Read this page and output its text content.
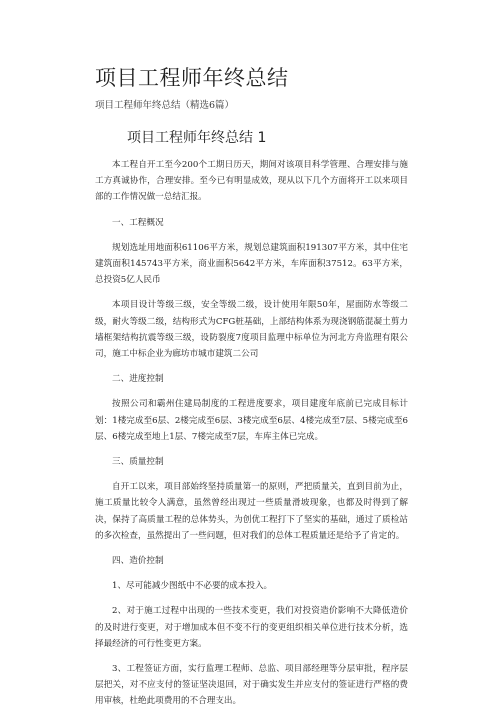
项目工程师年终总结
项目工程师年终总结（精选6篇）
项目工程师年终总结 1

本工程自开工至今200个工期日历天，期间对该项目科学管理、合理安排与施工方真诚协作，合理安排。至今已有明显成效，现从以下几个方面将开工以来项目部的工作情况做一总结汇报。

一、工程概况

规划选址用地面积61106平方米，规划总建筑面积191307平方米，其中住宅建筑面积145743平方米，商业面积5642平方米，车库面积37512。63平方米，总投资5亿人民币

本项目设计等级三级，安全等级二级，设计使用年限50年，屋面防水等级二级，耐火等级二级，结构形式为CFG桩基础，上部结构体系为现浇钢筋混凝土剪力墙框架结构抗震等级三级，设防裂度7度项目监理中标单位为河北方舟监理有限公司，施工中标企业为廊坊市城市建筑二公司

二、进度控制

按照公司和霸州住建局制度的工程进度要求，项目建度年底前已完成目标计划：1楼完成至6层、2楼完成至6层、3楼完成至6层、4楼完成至7层、5楼完成至6层、6楼完成至地上1层、7楼完成至7层，车库主体已完成。

三、质量控制

自开工以来，项目部始终坚持质量第一的原则，严把质量关，直到目前为止，施工质量比较令人满意，虽然曾经出现过一些质量滑坡现象，也都及时得到了解决，保持了高质量工程的总体势头，为创优工程打下了坚实的基础，通过了质检站的多次检查，虽然提出了一些问题，但对我们的总体工程质量还是给予了肯定的。

四、造价控制

1、尽可能减少图纸中不必要的成本投入。

2、对于施工过程中出现的一些技术变更，我们对投资造价影响不大降低造价的及时进行变更，对于增加成本但不变不行的变更组织相关单位进行技术分析，选择最经济的可行性变更方案。

3、工程签证方面，实行监理工程师、总监、项目部经理等分层审批，程序层层把关，对不应支付的签证坚决退回，对于确实发生并应支付的签证进行严格的费用审核，杜绝此项费用的不合理支出。
